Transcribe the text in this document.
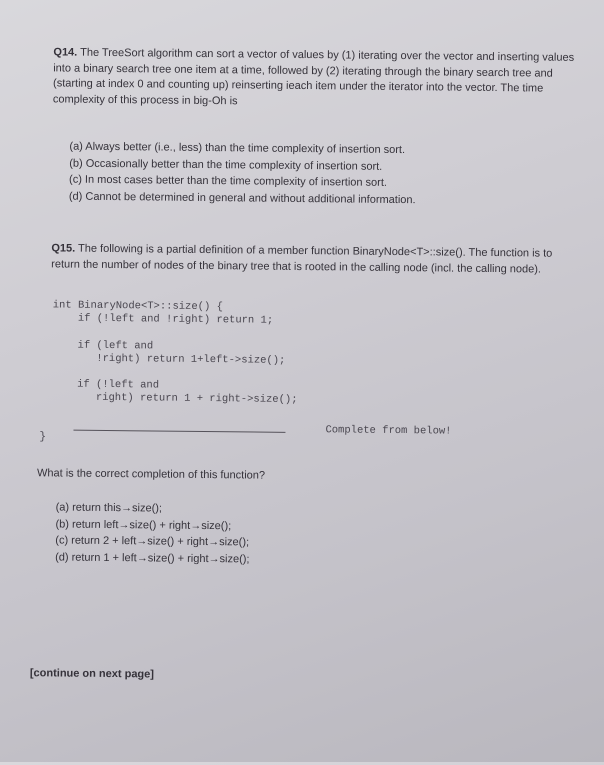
Q14. The TreeSort algorithm can sort a vector of values by (1) iterating over the vector and inserting values into a binary search tree one item at a time, followed by (2) iterating through the binary search tree and (starting at index 0 and counting up) reinserting ieach item under the iterator into the vector. The time complexity of this process in big-Oh is

(a) Always better (i.e., less) than the time complexity of insertion sort.
(b) Occasionally better than the time complexity of insertion sort.
(c) In most cases better than the time complexity of insertion sort.
(d) Cannot be determined in general and without additional information.

Q15. The following is a partial definition of a member function BinaryNode<T>::size(). The function is to return the number of nodes of the binary tree that is rooted in the calling node (incl. the calling node).

int BinaryNode<T>::size() {
if (!left and !right) return 1;
if (left and
!right) return 1+left->size();
if (!left and
right) return 1 + right->size();
Complete from below!
}
What is the correct completion of this function?
(a) return this→size();
(b) return left→size() + right→size();
(c) return 2 + left→size() + right→size();
(d) return 1 + left→size() + right→size();
[continue on next page]
